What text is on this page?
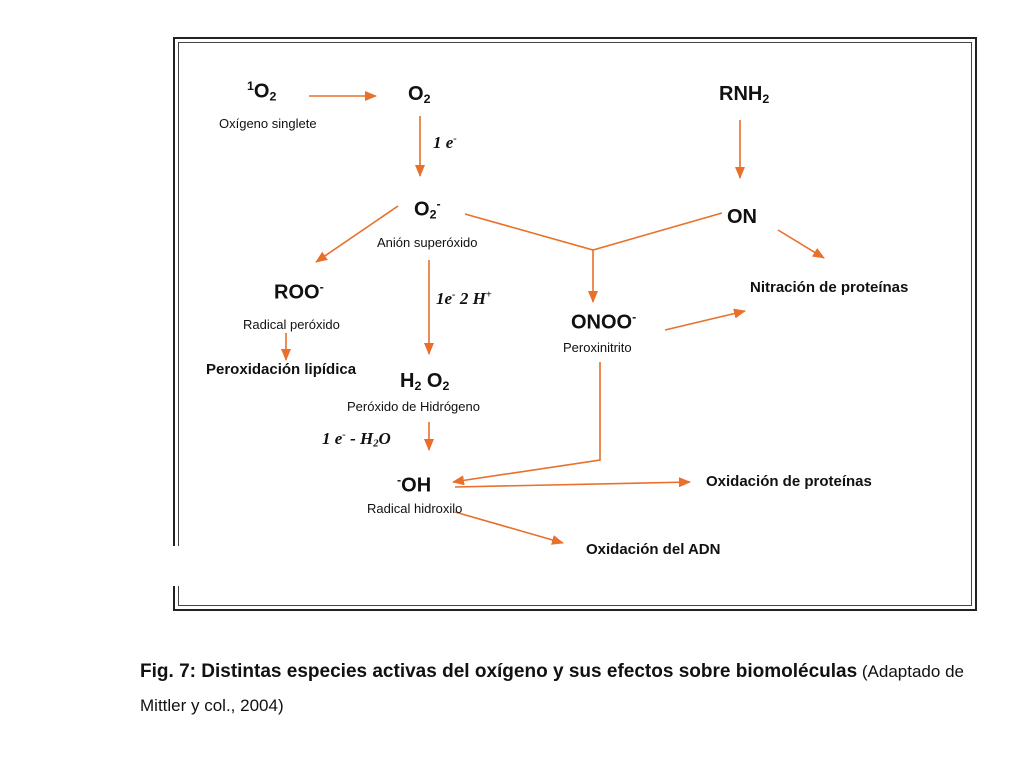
$^1O_2$
Oxígeno singlete
$O_2$
1 e-
$RNH_2$
$O_2^-$
Anión superóxido
ON
ROO-
Radical peróxido
1e- 2 H+	Nitración de proteínas
ONOO-
Peroxinitrito
Peroxidación lipídica
$H_2$ $O_2$
Peróxido de Hidrógeno
1 $e^- - H_2O$
-OH
Radical hidroxilo
Oxidación de proteínas
Oxidación del ADN
Fig. 7: Distintas especies activas del oxígeno y sus efectos sobre biomoléculas (Adaptado de Mittler y col., 2004)
